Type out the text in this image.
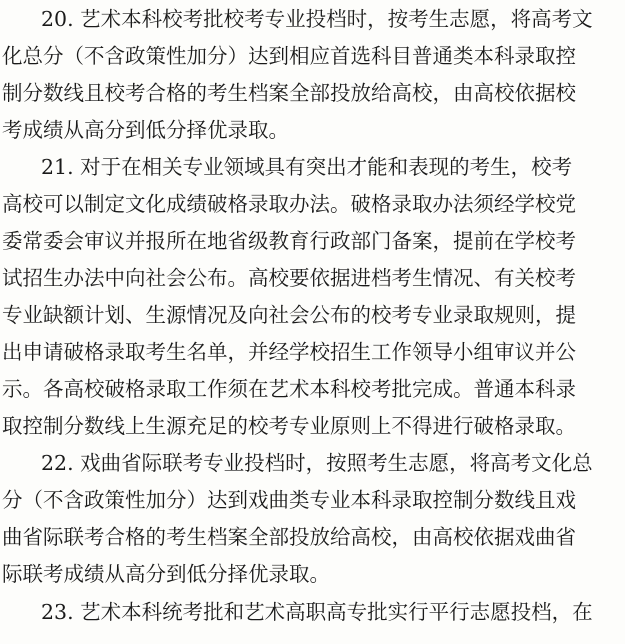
20. 艺术本科校考批校考专业投档时，按考生志愿，将高考文
化总分（不含政策性加分）达到相应首选科目普通类本科录取控
制分数线且校考合格的考生档案全部投放给高校，由高校依据校
考成绩从高分到低分择优录取。
21. 对于在相关专业领域具有突出才能和表现的考生，校考
高校可以制定文化成绩破格录取办法。破格录取办法须经学校党
委常委会审议并报所在地省级教育行政部门备案，提前在学校考
试招生办法中向社会公布。高校要依据进档考生情况、有关校考
专业缺额计划、生源情况及向社会公布的校考专业录取规则，提
出申请破格录取考生名单，并经学校招生工作领导小组审议并公
示。各高校破格录取工作须在艺术本科校考批完成。普通本科录
取控制分数线上生源充足的校考专业原则上不得进行破格录取。
22. 戏曲省际联考专业投档时，按照考生志愿，将高考文化总
分（不含政策性加分）达到戏曲类专业本科录取控制分数线且戏
曲省际联考合格的考生档案全部投放给高校，由高校依据戏曲省
际联考成绩从高分到低分择优录取。
23. 艺术本科统考批和艺术高职高专批实行平行志愿投档，在
